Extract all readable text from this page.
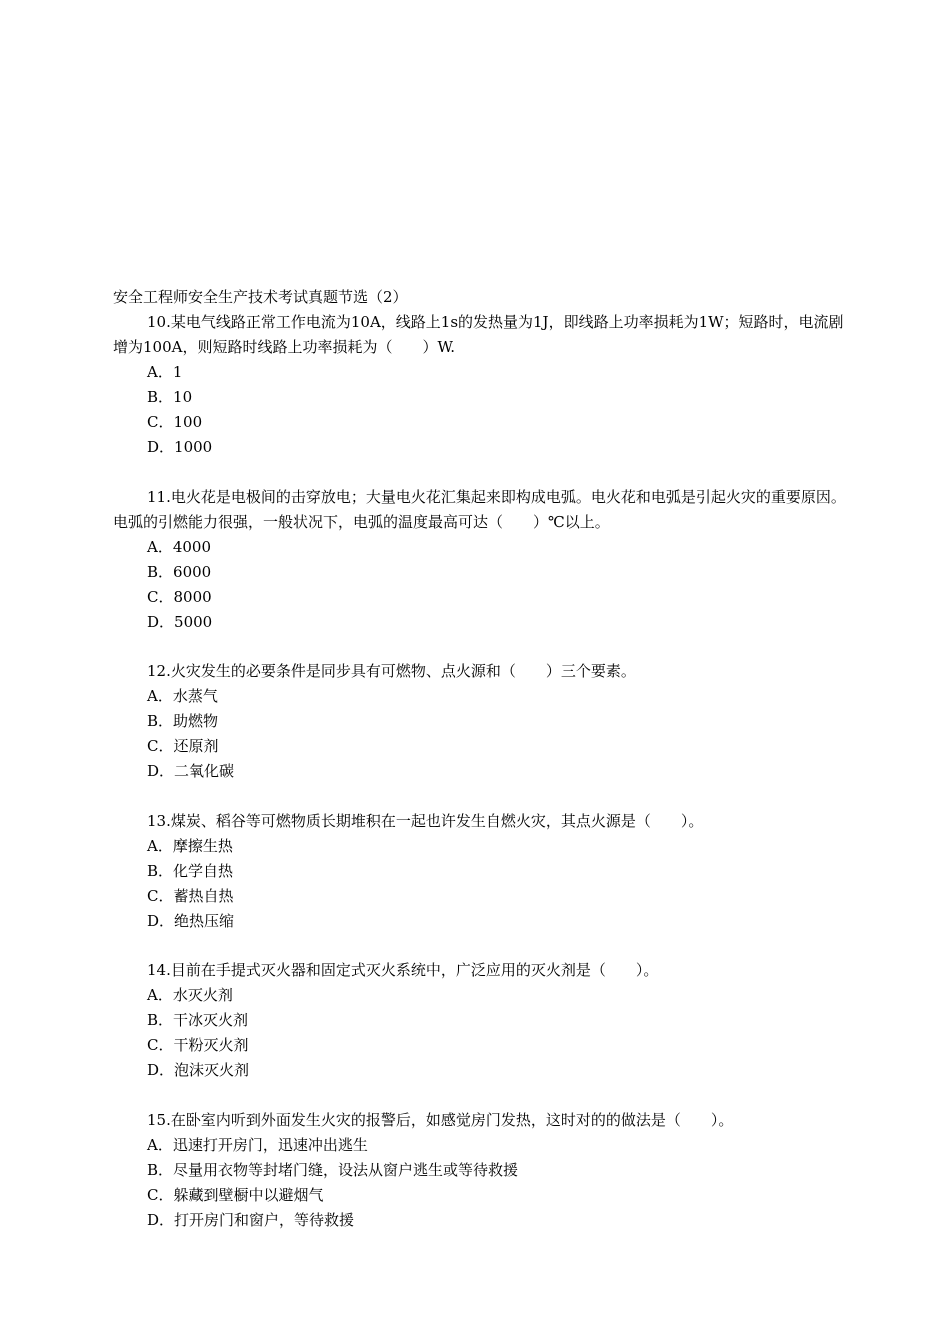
安全工程师安全生产技术考试真题节选（2）

10.某电气线路正常工作电流为10A，线路上1s的发热量为1J，即线路上功率损耗为1W；短路时，电流剧增为100A，则短路时线路上功率损耗为（　　）W.

A．1

B．10

C．100

D．1000

11.电火花是电极间的击穿放电；大量电火花汇集起来即构成电弧。电火花和电弧是引起火灾的重要原因。电弧的引燃能力很强，一般状况下，电弧的温度最高可达（　　）℃以上。

A．4000

B．6000

C．8000

D．5000

12.火灾发生的必要条件是同步具有可燃物、点火源和（　　）三个要素。

A．水蒸气

B．助燃物

C．还原剂

D．二氧化碳

13.煤炭、稻谷等可燃物质长期堆积在一起也许发生自燃火灾，其点火源是（　　）。

A．摩擦生热

B．化学自热

C．蓄热自热

D．绝热压缩

14.目前在手提式灭火器和固定式灭火系统中，广泛应用的灭火剂是（　　）。

A．水灭火剂

B．干冰灭火剂

C．干粉灭火剂

D．泡沫灭火剂

15.在卧室内听到外面发生火灾的报警后，如感觉房门发热，这时对的的做法是（　　）。

A．迅速打开房门，迅速冲出逃生

B．尽量用衣物等封堵门缝，设法从窗户逃生或等待救援

C．躲藏到壁橱中以避烟气

D．打开房门和窗户，等待救援
